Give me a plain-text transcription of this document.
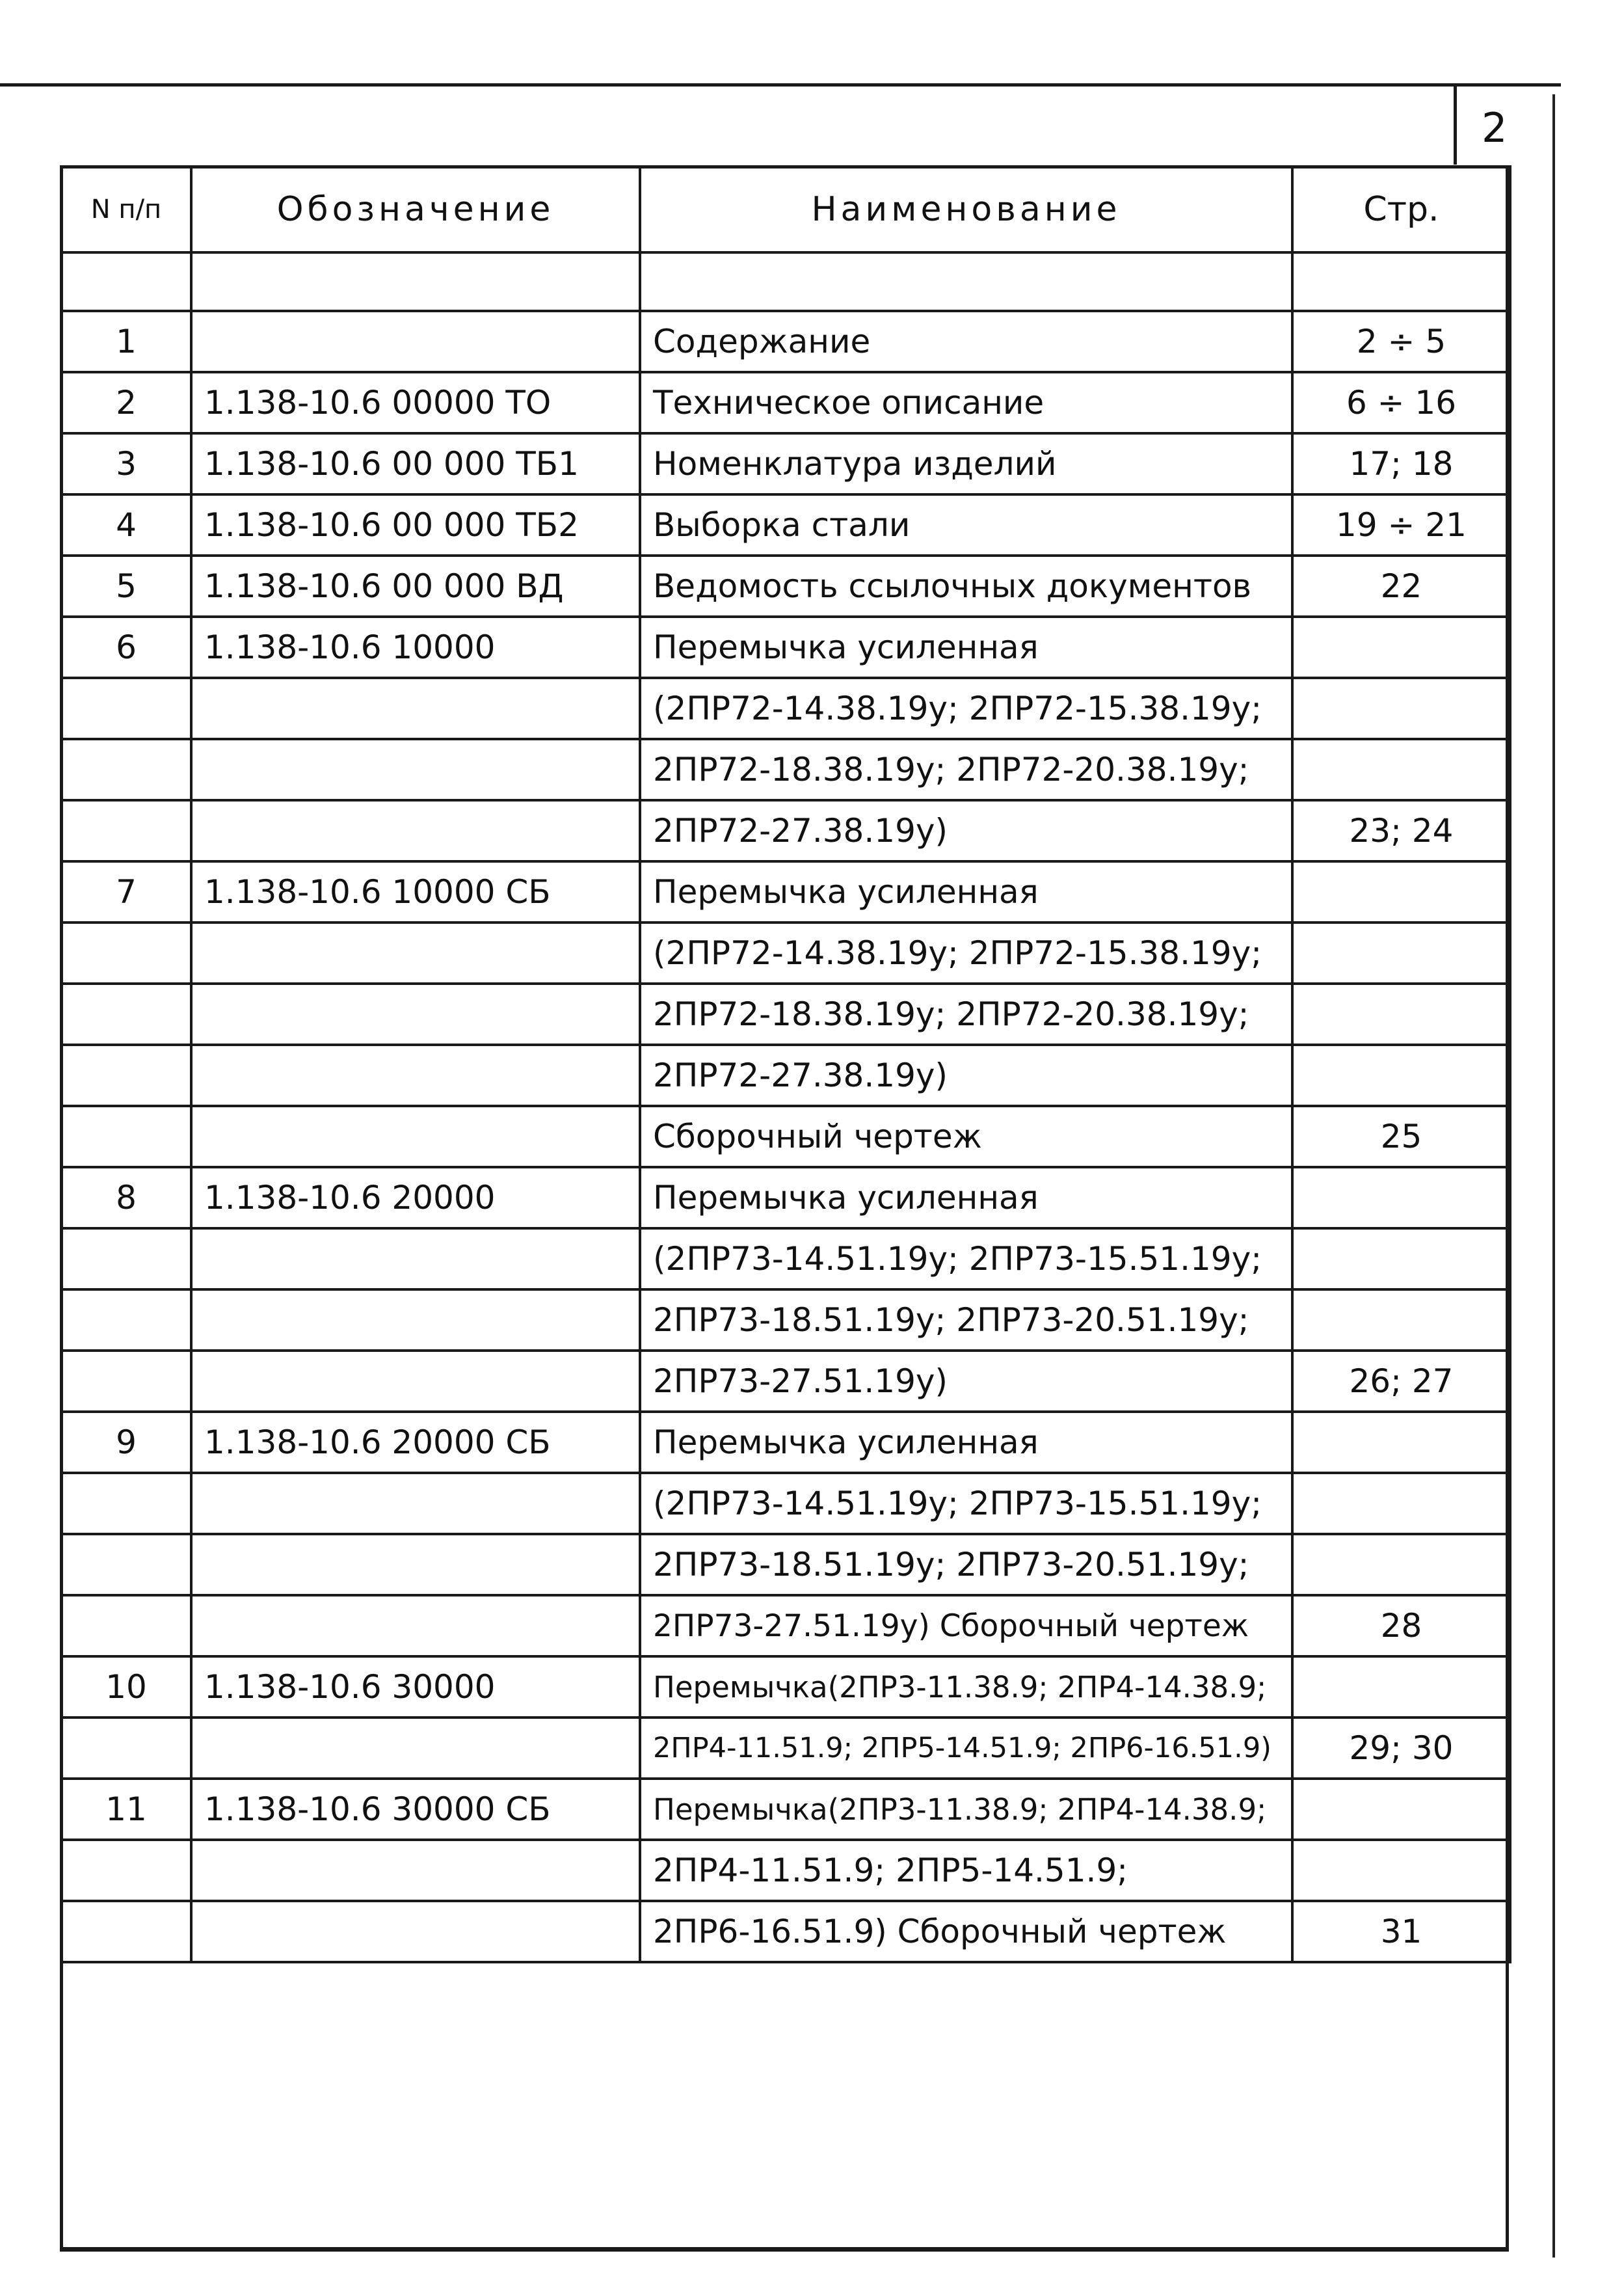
2
N п/п	Обозначение	Наименование	Стр.

1		Содержание	2 ÷ 5
2	1.138-10.6 00000 ТО	Техническое описание	6 ÷ 16
3	1.138-10.6 00 000 ТБ1	Номенклатура изделий	17; 18
4	1.138-10.6 00 000 ТБ2	Выборка стали	19 ÷ 21
5	1.138-10.6 00 000 ВД	Ведомость ссылочных документов	22
6	1.138-10.6 10000	Перемычка усиленная	
		(2ПР72-14.38.19у; 2ПР72-15.38.19у;	
		2ПР72-18.38.19у; 2ПР72-20.38.19у;	
		2ПР72-27.38.19у)	23; 24
7	1.138-10.6 10000 СБ	Перемычка усиленная	
		(2ПР72-14.38.19у; 2ПР72-15.38.19у;	
		2ПР72-18.38.19у; 2ПР72-20.38.19у;	
		2ПР72-27.38.19у)	
		Сборочный чертеж	25
8	1.138-10.6 20000	Перемычка усиленная	
		(2ПР73-14.51.19у; 2ПР73-15.51.19у;	
		2ПР73-18.51.19у; 2ПР73-20.51.19у;	
		2ПР73-27.51.19у)	26; 27
9	1.138-10.6 20000 СБ	Перемычка усиленная	
		(2ПР73-14.51.19у; 2ПР73-15.51.19у;	
		2ПР73-18.51.19у; 2ПР73-20.51.19у;	
		2ПР73-27.51.19у) Сборочный чертеж	28
10	1.138-10.6 30000	Перемычка(2ПР3-11.38.9; 2ПР4-14.38.9;	
		2ПР4-11.51.9; 2ПР5-14.51.9; 2ПР6-16.51.9)	29; 30
11	1.138-10.6 30000 СБ	Перемычка(2ПР3-11.38.9; 2ПР4-14.38.9;	
		2ПР4-11.51.9; 2ПР5-14.51.9;	
		2ПР6-16.51.9) Сборочный чертеж	31
